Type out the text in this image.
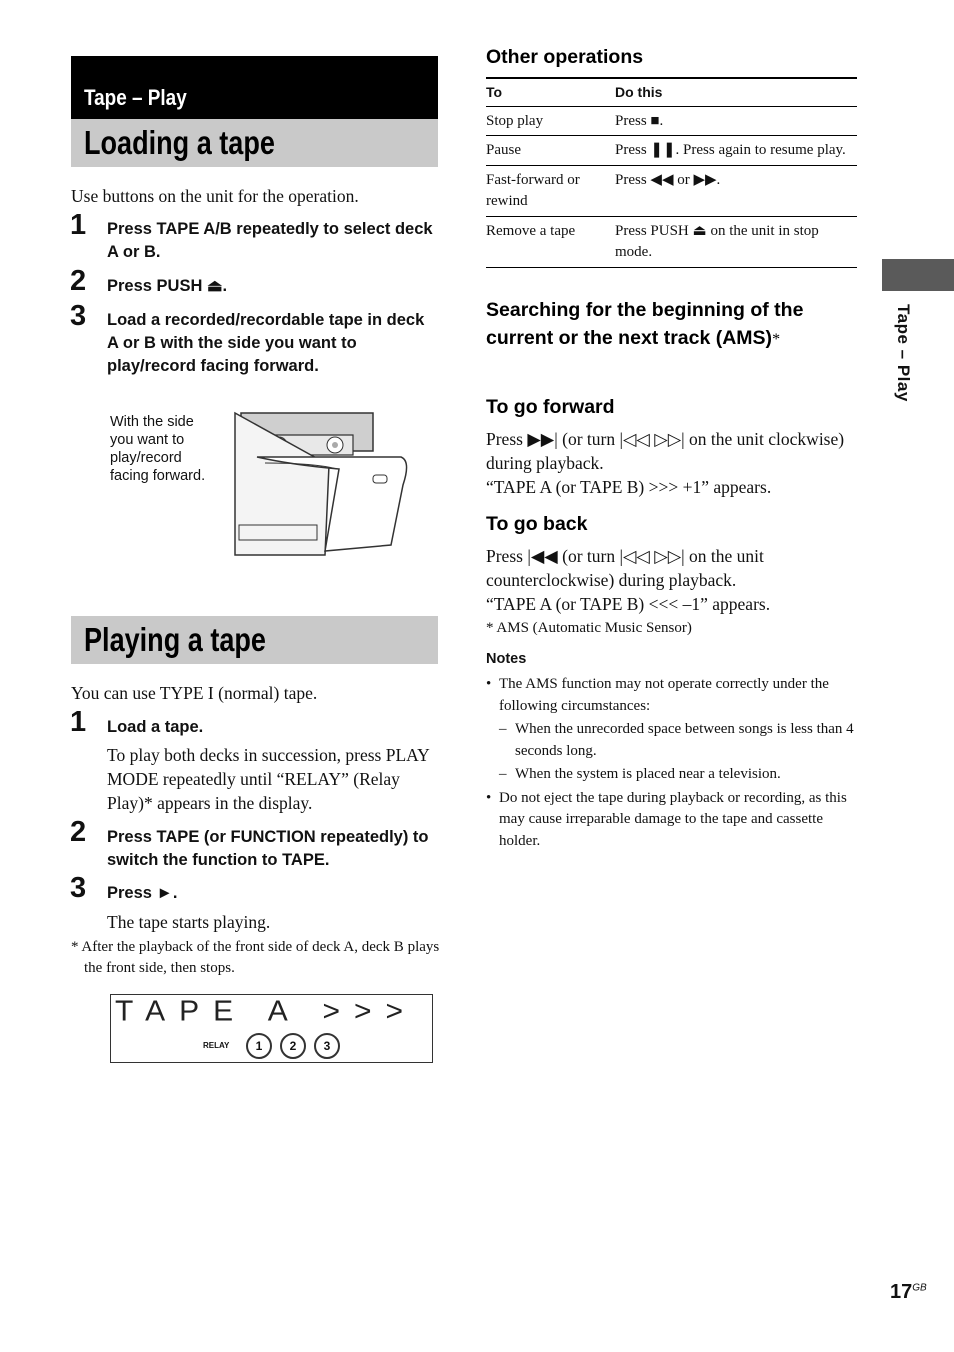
Tape – Play
Loading a tape
Use buttons on the unit for the operation.
1 Press TAPE A/B repeatedly to select deck A or B.
2 Press PUSH ⏏.
3 Load a recorded/recordable tape in deck A or B with the side you want to play/record facing forward.
With the side you want to play/record facing forward.
Playing a tape
You can use TYPE I (normal) tape.
1 Load a tape.
To play both decks in succession, press PLAY MODE repeatedly until “RELAY” (Relay Play)* appears in the display.
2 Press TAPE (or FUNCTION repeatedly) to switch the function to TAPE.
3 Press ►.
The tape starts playing.
* After the playback of the front side of deck A, deck B plays the front side, then stops.
TAPE A >>>
RELAY	1	2	3
Other operations
To	Do this
Stop play	Press ■.
Pause	Press ❚❚. Press again to resume play.
Fast-forward or rewind	Press ◀◀ or ▶▶.
Remove a tape	Press PUSH ⏏ on the unit in stop mode.
Searching for the beginning of the current or the next track (AMS)*
To go forward
Press ▶▶| (or turn |◁◁ ▷▷| on the unit clockwise) during playback.
“TAPE A (or TAPE B) >>> +1” appears.
To go back
Press |◀◀ (or turn |◁◁ ▷▷| on the unit counterclockwise) during playback.
“TAPE A (or TAPE B) <<< –1” appears.
* AMS (Automatic Music Sensor)
Notes
• The AMS function may not operate correctly under the following circumstances:
– When the unrecorded space between songs is less than 4 seconds long.
– When the system is placed near a television.
• Do not eject the tape during playback or recording, as this may cause irreparable damage to the tape and cassette holder.
Tape – Play
$17^{GB}$
